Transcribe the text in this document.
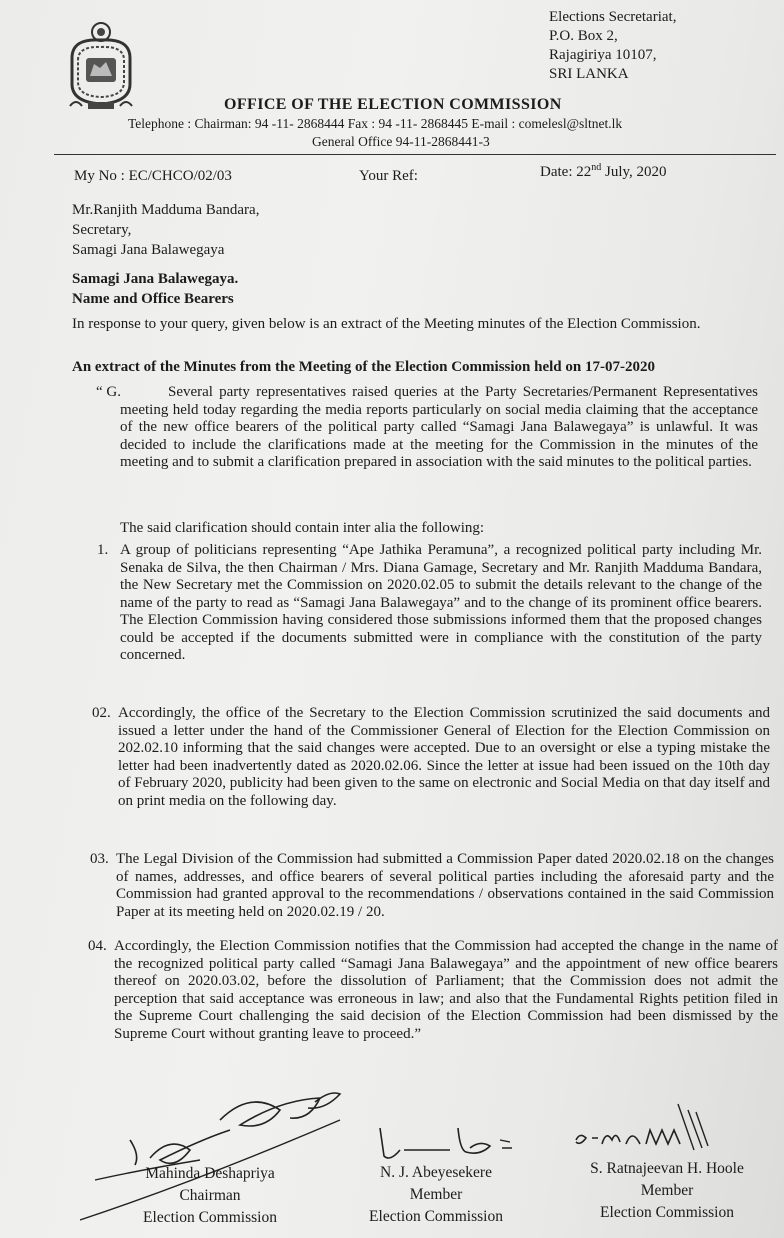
Elections Secretariat,
P.O. Box 2,
Rajagiriya 10107,
SRI LANKA
OFFICE OF THE ELECTION COMMISSION
Telephone : Chairman: 94 -11- 2868444 Fax : 94 -11- 2868445 E-mail : comelesl@sltnet.lk
General Office 94-11-2868441-3
My No : EC/CHCO/02/03	Your Ref:	Date: 22nd July, 2020
Mr.Ranjith Madduma Bandara,
Secretary,
Samagi Jana Balawegaya
Samagi Jana Balawegaya.
Name and Office Bearers
In response to your query, given below is an extract of the Meeting minutes of the Election Commission.
An extract of the Minutes from the Meeting of the Election Commission held on 17-07-2020
“ G.	Several party representatives raised queries at the Party Secretaries/Permanent Representatives meeting held today regarding the media reports particularly on social media claiming that the acceptance of the new office bearers of the political party called “Samagi Jana Balawegaya” is unlawful. It was decided to include the clarifications made at the meeting for the Commission in the minutes of the meeting and to submit a clarification prepared in association with the said minutes to the political parties.
The said clarification should contain inter alia the following:
1. A group of politicians representing “Ape Jathika Peramuna”, a recognized political party including Mr. Senaka de Silva, the then Chairman / Mrs. Diana Gamage, Secretary and Mr. Ranjith Madduma Bandara, the New Secretary met the Commission on 2020.02.05 to submit the details relevant to the change of the name of the party to read as “Samagi Jana Balawegaya” and to the change of its prominent office bearers. The Election Commission having considered those submissions informed them that the proposed changes could be accepted if the documents submitted were in compliance with the constitution of the party concerned.
02. Accordingly, the office of the Secretary to the Election Commission scrutinized the said documents and issued a letter under the hand of the Commissioner General of Election for the Election Commission on 202.02.10 informing that the said changes were accepted. Due to an oversight or else a typing mistake the letter had been inadvertently dated as 2020.02.06. Since the letter at issue had been issued on the 10th day of February 2020, publicity had been given to the same on electronic and Social Media on that day itself and on print media on the following day.
03. The Legal Division of the Commission had submitted a Commission Paper dated 2020.02.18 on the changes of names, addresses, and office bearers of several political parties including the aforesaid party and the Commission had granted approval to the recommendations / observations contained in the said Commission Paper at its meeting held on 2020.02.19 / 20.
04. Accordingly, the Election Commission notifies that the Commission had accepted the change in the name of the recognized political party called “Samagi Jana Balawegaya” and the appointment of new office bearers thereof on 2020.03.02, before the dissolution of Parliament; that the Commission does not admit the perception that said acceptance was erroneous in law; and also that the Fundamental Rights petition filed in the Supreme Court challenging the said decision of the Election Commission had been dismissed by the Supreme Court without granting leave to proceed.”
Mahinda Deshapriya
Chairman
Election Commission
N. J. Abeyesekere
Member
Election Commission
S. Ratnajeevan H. Hoole
Member
Election Commission
